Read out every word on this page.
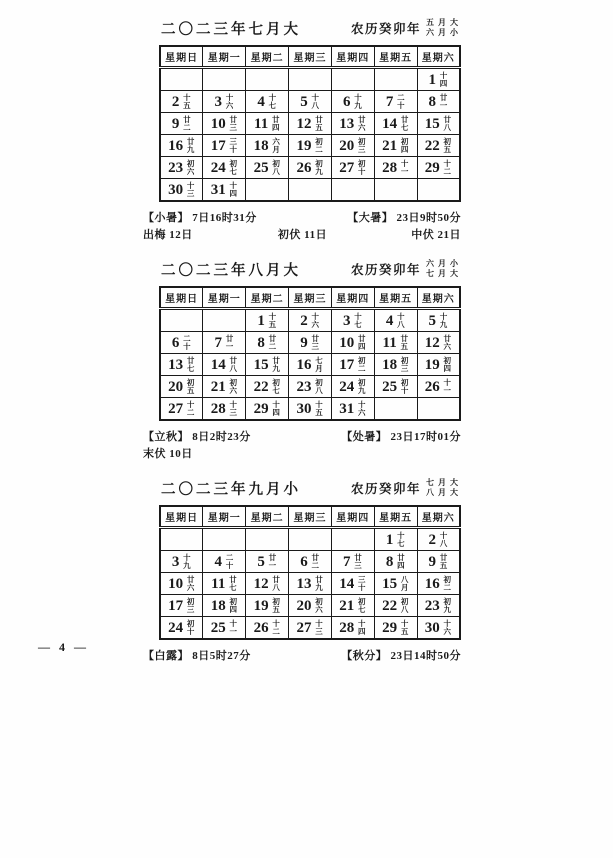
二〇二三年七月大	农历癸卯年 五月大
六月小
星期日	星期一	星期二	星期三	星期四	星期五	星期六

						1 十四

2 十五	3 十六	4 十七	5 十八	6 十九	7 二十	8 廿一

9 廿二	10 廿三	11 廿四	12 廿五	13 廿六	14 廿七	15 廿八

16 廿九	17 三十	18 六月	19 初二	20 初三	21 初四	22 初五

23 初六	24 初七	25 初八	26 初九	27 初十	28 十一	29 十二

30 十三	31 十四					

【小暑】 7日16时31分	【大暑】 23日9时50分
出梅 12日	初伏 11日	中伏 21日
二〇二三年八月大	农历癸卯年 六月小
七月大
星期日	星期一	星期二	星期三	星期四	星期五	星期六

		1 十五	2 十六	3 十七	4 十八	5 十九

6 二十	7 廿一	8 廿二	9 廿三	10 廿四	11 廿五	12 廿六

13 廿七	14 廿八	15 廿九	16 七月	17 初二	18 初三	19 初四

20 初五	21 初六	22 初七	23 初八	24 初九	25 初十	26 十一

27 十二	28 十三	29 十四	30 十五	31 十六		

【立秋】 8日2时23分	【处暑】 23日17时01分
末伏 10日
二〇二三年九月小	农历癸卯年 七月大
八月大
星期日	星期一	星期二	星期三	星期四	星期五	星期六

					1 十七	2 十八

3 十九	4 二十	5 廿一	6 廿二	7 廿三	8 廿四	9 廿五

10 廿六	11 廿七	12 廿八	13 廿九	14 三十	15 八月	16 初二

17 初三	18 初四	19 初五	20 初六	21 初七	22 初八	23 初九

24 初十	25 十一	26 十二	27 十三	28 十四	29 十五	30 十六
【白露】 8日5时27分	【秋分】 23日14时50分
— 4 —
